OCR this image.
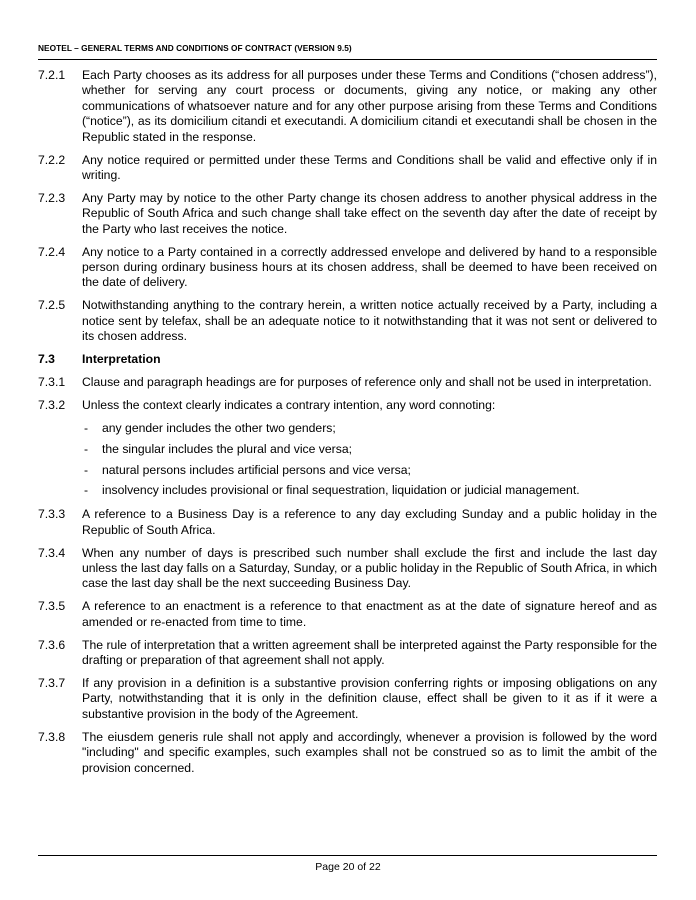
NEOTEL – GENERAL TERMS AND CONDITIONS OF CONTRACT (VERSION 9.5)
7.2.1 Each Party chooses as its address for all purposes under these Terms and Conditions (“chosen address”), whether for serving any court process or documents, giving any notice, or making any other communications of whatsoever nature and for any other purpose arising from these Terms and Conditions (“notice”), as its domicilium citandi et executandi. A domicilium citandi et executandi shall be chosen in the Republic stated in the response.
7.2.2 Any notice required or permitted under these Terms and Conditions shall be valid and effective only if in writing.
7.2.3 Any Party may by notice to the other Party change its chosen address to another physical address in the Republic of South Africa and such change shall take effect on the seventh day after the date of receipt by the Party who last receives the notice.
7.2.4 Any notice to a Party contained in a correctly addressed envelope and delivered by hand to a responsible person during ordinary business hours at its chosen address, shall be deemed to have been received on the date of delivery.
7.2.5 Notwithstanding anything to the contrary herein, a written notice actually received by a Party, including a notice sent by telefax, shall be an adequate notice to it notwithstanding that it was not sent or delivered to its chosen address.
7.3 Interpretation
7.3.1 Clause and paragraph headings are for purposes of reference only and shall not be used in interpretation.
7.3.2 Unless the context clearly indicates a contrary intention, any word connoting:
- any gender includes the other two genders;
- the singular includes the plural and vice versa;
- natural persons includes artificial persons and vice versa;
- insolvency includes provisional or final sequestration, liquidation or judicial management.
7.3.3 A reference to a Business Day is a reference to any day excluding Sunday and a public holiday in the Republic of South Africa.
7.3.4 When any number of days is prescribed such number shall exclude the first and include the last day unless the last day falls on a Saturday, Sunday, or a public holiday in the Republic of South Africa, in which case the last day shall be the next succeeding Business Day.
7.3.5 A reference to an enactment is a reference to that enactment as at the date of signature hereof and as amended or re-enacted from time to time.
7.3.6 The rule of interpretation that a written agreement shall be interpreted against the Party responsible for the drafting or preparation of that agreement shall not apply.
7.3.7 If any provision in a definition is a substantive provision conferring rights or imposing obligations on any Party, notwithstanding that it is only in the definition clause, effect shall be given to it as if it were a substantive provision in the body of the Agreement.
7.3.8 The eiusdem generis rule shall not apply and accordingly, whenever a provision is followed by the word "including" and specific examples, such examples shall not be construed so as to limit the ambit of the provision concerned.
Page 20 of 22
